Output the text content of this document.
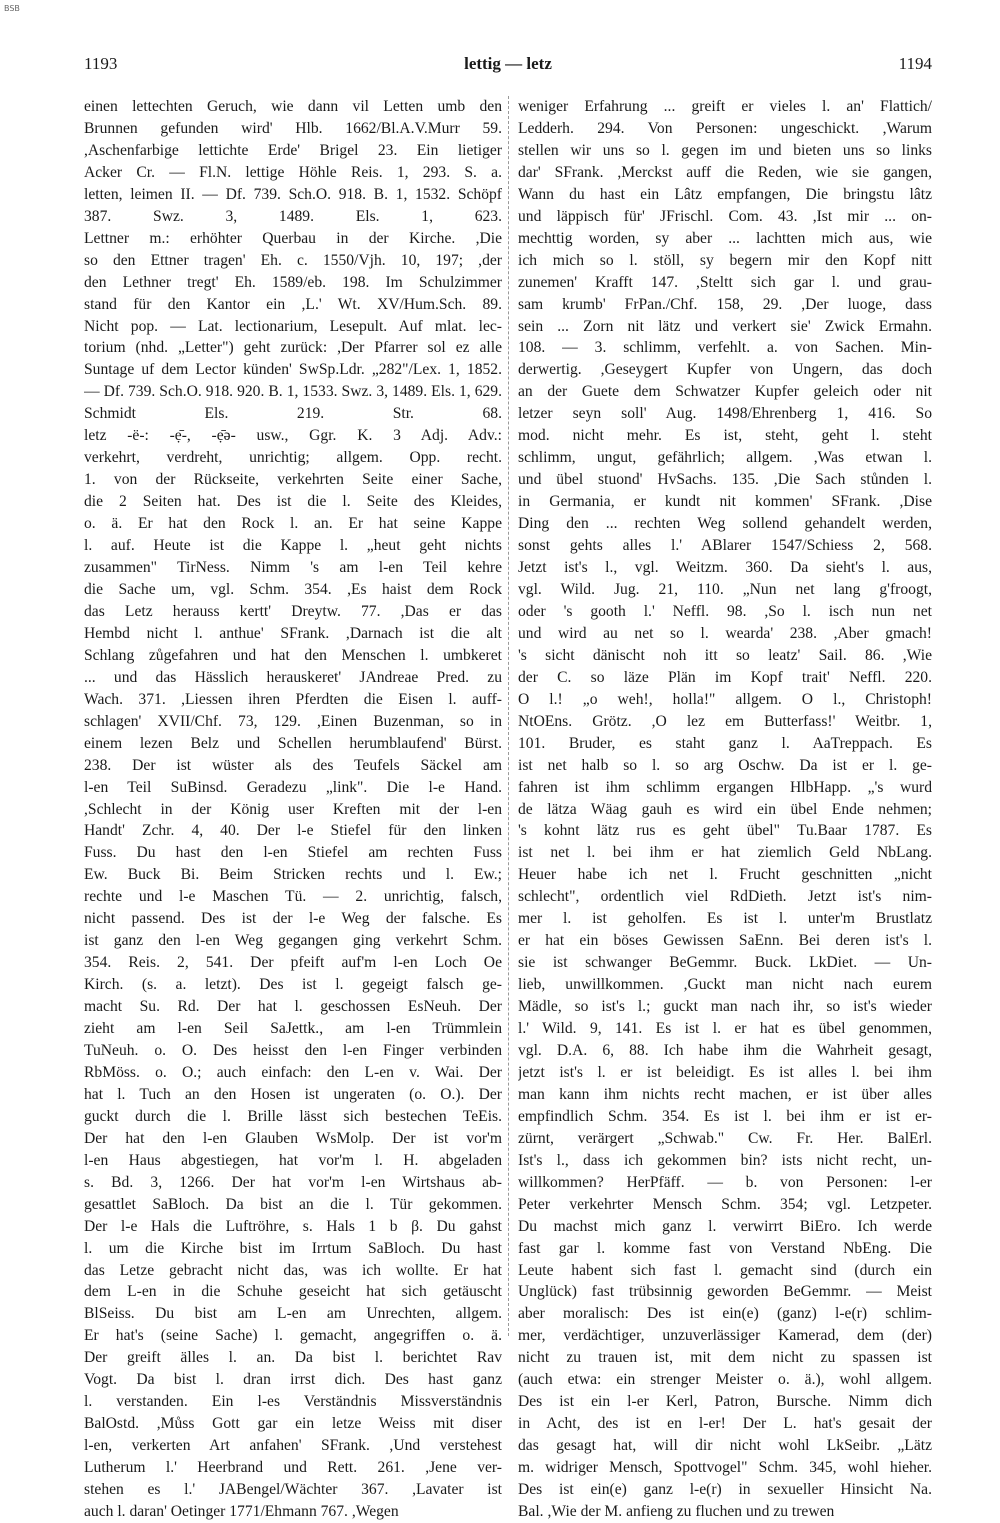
BSB
1193	lettig — letz	1194
einen lettechten Geruch, wie dann vil Letten umb den
Brunnen gefunden wird' Hlb. 1662/Bl.A.V.Murr 59.
,Aschenfarbige lettichte Erde' Brigel 23. Ein lietiger
Acker Cr. — Fl.N. lettige Höhle Reis. 1, 293. S. a.
letten, leimen II. — Df. 739. Sch.O. 918. B. 1, 1532. Schöpf
387. Swz. 3, 1489. Els. 1, 623.
Lettner m.: erhöhter Querbau in der Kirche. ,Die
so den Ettner tragen' Eh. c. 1550/Vjh. 10, 197; ,der
den Lethner tregt' Eh. 1589/eb. 198. Im Schulzimmer
stand für den Kantor ein ,L.' Wt. XV/Hum.Sch. 89.
Nicht pop. — Lat. lectionarium, Lesepult. Auf mlat. lec-
torium (nhd. „Letter") geht zurück: ,Der Pfarrer sol ez alle
Suntage uf dem Lector künden' SwSp.Ldr. „282"/Lex. 1, 1852.
— Df. 739. Sch.O. 918. 920. B. 1, 1533. Swz. 3, 1489. Els. 1, 629.
Schmidt Els. 219. Str. 68.
letz -ë-: -ẹ̄-, -ẹ̄ə- usw., Ggr. K. 3 Adj. Adv.:
verkehrt, verdreht, unrichtig; allgem. Opp. recht.
1. von der Rückseite, verkehrten Seite einer Sache,
die 2 Seiten hat. Des ist die l. Seite des Kleides,
o. ä. Er hat den Rock l. an. Er hat seine Kappe
l. auf. Heute ist die Kappe l. „heut geht nichts
zusammen" TirNess. Nimm 's am l-en Teil kehre
die Sache um, vgl. Schm. 354. ,Es haist dem Rock
das Letz herauss kertt' Dreytw. 77. ,Das er das
Hembd nicht l. anthue' SFrank. ,Darnach ist die alt
Schlang zůgefahren und hat den Menschen l. umbkeret
... und das Hässlich herauskeret' JAndreae Pred. zu
Wach. 371. ,Liessen ihren Pferdten die Eisen l. auff-
schlagen' XVII/Chf. 73, 129. ,Einen Buzenman, so in
einem lezen Belz und Schellen herumblaufend' Bürst.
238. Der ist wüster als des Teufels Säckel am
l-en Teil SuBinsd. Geradezu „link". Die l-e Hand.
,Schlecht in der König user Kreften mit der l-en
Handt' Zchr. 4, 40. Der l-e Stiefel für den linken
Fuss. Du hast den l-en Stiefel am rechten Fuss
Ew. Buck Bi. Beim Stricken rechts und l. Ew.;
rechte und l-e Maschen Tü. — 2. unrichtig, falsch,
nicht passend. Des ist der l-e Weg der falsche. Es
ist ganz den l-en Weg gegangen ging verkehrt Schm.
354. Reis. 2, 541. Der pfeift auf'm l-en Loch Oe
Kirch. (s. a. letzt). Des ist l. gegeigt falsch ge-
macht Su. Rd. Der hat l. geschossen EsNeuh. Der
zieht am l-en Seil SaJettk., am l-en Trümmlein
TuNeuh. o. O. Des heisst den l-en Finger verbinden
RbMöss. o. O.; auch einfach: den L-en v. Wai. Der
hat l. Tuch an den Hosen ist ungeraten (o. O.). Der
guckt durch die l. Brille lässt sich bestechen TeEis.
Der hat den l-en Glauben WsMolp. Der ist vor'm
l-en Haus abgestiegen, hat vor'm l. H. abgeladen
s. Bd. 3, 1266. Der hat vor'm l-en Wirtshaus ab-
gesattlet SaBloch. Da bist an die l. Tür gekommen.
Der l-e Hals die Luftröhre, s. Hals 1 b β. Du gahst
l. um die Kirche bist im Irrtum SaBloch. Du hast
das Letze gebracht nicht das, was ich wollte. Er hat
dem L-en in die Schuhe geseicht hat sich getäuscht
BlSeiss. Du bist am L-en am Unrechten, allgem.
Er hat's (seine Sache) l. gemacht, angegriffen o. ä.
Der greift älles l. an. Da bist l. berichtet Rav
Vogt. Da bist l. dran irrst dich. Des hast ganz
l. verstanden. Ein l-es Verständnis Missverständnis
BalOstd. ,Můss Gott gar ein letze Weiss mit diser
l-en, verkerten Art anfahen' SFrank. ,Und verstehest
Lutherum l.' Heerbrand und Rett. 261. ,Jene ver-
stehen es l.' JABengel/Wächter 367. ,Lavater ist
auch l. daran' Oetinger 1771/Ehmann 767. ,Wegen
weniger Erfahrung ... greift er vieles l. an' Flattich/
Ledderh. 294. Von Personen: ungeschickt. ,Warum
stellen wir uns so l. gegen im und bieten uns so links
dar' SFrank. ,Merckst auff die Reden, wie sie gangen,
Wann du hast ein Lâtz empfangen, Die bringstu lâtz
und läppisch für' JFrischl. Com. 43. ,Ist mir ... on-
mechttig worden, sy aber ... lachtten mich aus, wie
ich mich so l. stöll, sy begern mir den Kopf nitt
zunemen' Krafft 147. ,Steltt sich gar l. und grau-
sam krumb' FrPan./Chf. 158, 29. ,Der luoge, dass
sein ... Zorn nit lätz und verkert sie' Zwick Ermahn.
108. — 3. schlimm, verfehlt. a. von Sachen. Min-
derwertig. ,Geseygert Kupfer von Ungern, das doch
an der Guete dem Schwatzer Kupfer geleich oder nit
letzer seyn soll' Aug. 1498/Ehrenberg 1, 416. So
mod. nicht mehr. Es ist, steht, geht l. steht
schlimm, ungut, gefährlich; allgem. ,Was etwan l.
und übel stuond' HvSachs. 135. ,Die Sach stůnden l.
in Germania, er kundt nit kommen' SFrank. ,Dise
Ding den ... rechten Weg sollend gehandelt werden,
sonst gehts alles l.' ABlarer 1547/Schiess 2, 568.
Jetzt ist's l., vgl. Weitzm. 360. Da sieht's l. aus,
vgl. Wild. Jug. 21, 110. „Nun net lang g'froogt,
oder 's gooth l.' Neffl. 98. ,So l. isch nun net
und wird au net so l. wearda' 238. ,Aber gmach!
's sicht dänischt noh itt so leatz' Sail. 86. ,Wie
der C. so läze Plän im Kopf trait' Neffl. 220.
O l.! „o weh!, holla!" allgem. O l., Christoph!
NtOEns. Grötz. ,O lez em Butterfass!' Weitbr. 1,
101. Bruder, es staht ganz l. AaTreppach. Es
ist net halb so l. so arg Oschw. Da ist er l. ge-
fahren ist ihm schlimm ergangen HlbHapp. „'s wurd
de lätza Wäag gauh es wird ein übel Ende nehmen;
's kohnt lätz rus es geht übel" Tu.Baar 1787. Es
ist net l. bei ihm er hat ziemlich Geld NbLang.
Heuer habe ich net l. Frucht geschnitten „nicht
schlecht", ordentlich viel RdDieth. Jetzt ist's nim-
mer l. ist geholfen. Es ist l. unter'm Brustlatz
er hat ein böses Gewissen SaEnn. Bei deren ist's l.
sie ist schwanger BeGemmr. Buck. LkDiet. — Un-
lieb, unwillkommen. ,Guckt man nicht nach eurem
Mädle, so ist's l.; guckt man nach ihr, so ist's wieder
l.' Wild. 9, 141. Es ist l. er hat es übel genommen,
vgl. D.A. 6, 88. Ich habe ihm die Wahrheit gesagt,
jetzt ist's l. er ist beleidigt. Es ist alles l. bei ihm
man kann ihm nichts recht machen, er ist über alles
empfindlich Schm. 354. Es ist l. bei ihm er ist er-
zürnt, verärgert „Schwab." Cw. Fr. Her. BalErl.
Ist's l., dass ich gekommen bin? ists nicht recht, un-
willkommen? HerPfäff. — b. von Personen: l-er
Peter verkehrter Mensch Schm. 354; vgl. Letzpeter.
Du machst mich ganz l. verwirrt BiEro. Ich werde
fast gar l. komme fast von Verstand NbEng. Die
Leute habent sich fast l. gemacht sind (durch ein
Unglück) fast trübsinnig geworden BeGemmr. — Meist
aber moralisch: Des ist ein(e) (ganz) l-e(r) schlim-
mer, verdächtiger, unzuverlässiger Kamerad, dem (der)
nicht zu trauen ist, mit dem nicht zu spassen ist
(auch etwa: ein strenger Meister o. ä.), wohl allgem.
Des ist ein l-er Kerl, Patron, Bursche. Nimm dich
in Acht, des ist en l-er! Der L. hat's gesait der
das gesagt hat, will dir nicht wohl LkSeibr. „Lätz
m. widriger Mensch, Spottvogel" Schm. 345, wohl hieher.
Des ist ein(e) ganz l-e(r) in sexueller Hinsicht Na.
Bal. ,Wie der M. anfieng zu fluchen und zu trewen
